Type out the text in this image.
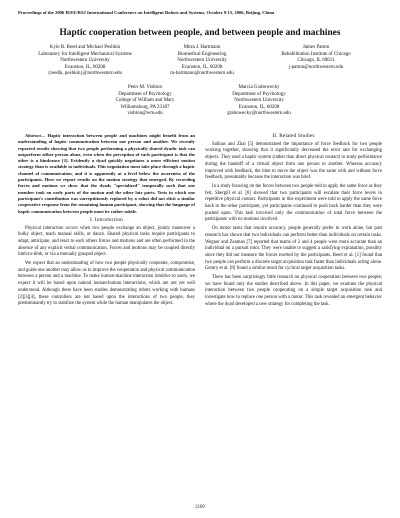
Proceedings of the 2006 IEEE/RSJ International Conference on Intelligent Robots and Systems, October 9-15, 2006, Beijing, China
Haptic cooperation between people, and between people and machines
Kyle B. Reed and Michael Peshkin
Laboratory for Intelligent Mechanical Systems
Northwestern University
Evanston, IL, 60208
{reed|k, peshkin}@northwestern.edu
Mitra J. Hartmann
Biomedical Engineering
Northwestern University
Evanston, IL, 60208
m-hartmann@northwestern.edu
James Patton
Rehabilitation Institute of Chicago
Chicago, IL 60611
j-patton@northwestern.edu
Peter M. Vishton
Department of Psychology
College of William and Mary
Williamsburg, PA 23187
vishton@wm.edu
Marcia Grabowecky
Department of Psychology
Northwestern University
Evanston, IL, 60208
grabowecky@northwestern.edu

Abstract— Haptic interaction between people and machines might benefit from an understanding of haptic communication between one person and another. We recently reported results showing that two people performing a physically shared dyadic task can outperform either person alone, even when the perception of each participant is that the other is a hindrance [1]. Evidently a dyad quickly negotiates a more efficient motion strategy than is available to individuals. This negotiation must take place through a haptic channel of communication, and it is apparently at a level below the awareness of the participants. Here we report results on the motion strategy that emerged. By recording forces and motions we show that the dyads "specialized" temporally such that one member took on early parts of the motion and the other late parts. Tests in which one participant's contribution was surreptitiously replaced by a robot did not elicit a similar cooperative response from the remaining human participant, showing that the language of haptic communication between people must be rather subtle.

I. Introduction

Physical interaction occurs when two people exchange an object, jointly maneuver a bulky object, teach manual skills, or dance. Shared physical tasks require participants to adapt, anticipate, and react to each others forces and motions and are often performed in the absence of any explicit verbal communication. Forces and motions may be coupled directly limb-to-limb, or via a mutually grasped object.

We expect that an understanding of how two people physically cooperate, compromise, and guide one another may allow us to improve the cooperation and physical communication between a person and a machine. To make human-machine interaction intuitive to users, we expect it will be based upon natural human-human interactions, which are not yet well understood. Although there have been studies demonstrating robots working with humans [2][3][4], these controllers are not based upon the interactions of two people, they predominantly try to stabilize the system while the human manipulates the object.

II. Related Studies

Sallnas and Zhai [5] demonstrated the importance of force feedback for two people working together, showing that it significantly decreased the error rate for exchanging objects. They used a haptic system (rather than direct physical contact) to study performance during the handoff of a virtual object from one person to another. Whereas accuracy improved with feedback, the time to move the object was the same with and without force feedback, presumably because the interaction was brief.

In a study focusing on the forces between two people told to apply the same force as they felt, Shergill et al. [6] showed that two participants will escalate their force levels in repetitive physical contact. Participants in this experiment were told to apply the same force back to the other participant, yet participants continued to push back harder than they were pushed upon. This task involved only the communication of total force between the participants with no motions involved.

On motor tasks that require accuracy, people generally prefer to work alone, but past research has shown that two individuals can perform better than individuals on certain tasks. Wegner and Zeaman [7] reported that teams of 2 and 4 people were more accurate than an individual on a pursuit rotor. They were unable to suggest a satisfying explanation, possibly since they did not measure the forces exerted by the participants. Reed et al. [1] found that two people can perform a discrete target acquisition task faster than individuals acting alone. Gentry et al. [8] found a similar result for cyclical target acquisition tasks.

There has been surprisingly little research on physical cooperation between two people; we have found only the studies described above. In this paper, we examine the physical interaction between two people cooperating on a simple target acquisition task and investigate how to replace one person with a motor. This task revealed an emergent behavior where the dyad developed a new strategy for completing the task.

2109
